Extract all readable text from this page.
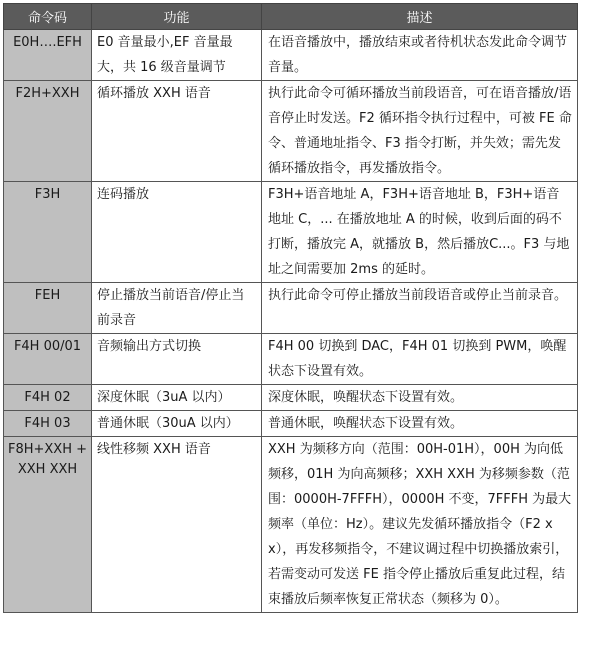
命令码	功能	描述
E0H….EFH	E0 音量最小,EF 音量最大，共 16 级音量调节	在语音播放中，播放结束或者待机状态发此命令调节音量。
F2H+XXH	循环播放 XXH 语音	执行此命令可循环播放当前段语音，可在语音播放/语音停止时发送。F2 循环指令执行过程中，可被 FE 命令、普通地址指令、F3 指令打断，并失效；需先发循环播放指令，再发播放指令。
F3H	连码播放	F3H+语音地址 A，F3H+语音地址 B，F3H+语音地址 C，... 在播放地址 A 的时候，收到后面的码不打断，播放完 A，就播放 B，然后播放C...。F3 与地址之间需要加 2ms 的延时。
FEH	停止播放当前语音/停止当前录音	执行此命令可停止播放当前段语音或停止当前录音。
F4H 00/01	音频输出方式切换	F4H 00 切换到 DAC，F4H 01 切换到 PWM，唤醒状态下设置有效。
F4H 02	深度休眠（3uA 以内）	深度休眠，唤醒状态下设置有效。
F4H 03	普通休眠（30uA 以内）	普通休眠，唤醒状态下设置有效。
F8H+XXH +XXH XXH	线性移频 XXH 语音	XXH 为频移方向（范围：00H-01H），00H 为向低频移，01H 为向高频移；XXH XXH 为移频参数（范围：0000H-7FFFH），0000H 不变，7FFFH 为最大频率（单位：Hz）。建议先发循环播放指令（F2 xx），再发移频指令，不建议调过程中切换播放索引，若需变动可发送 FE 指令停止播放后重复此过程，结束播放后频率恢复正常状态（频移为 0）。
